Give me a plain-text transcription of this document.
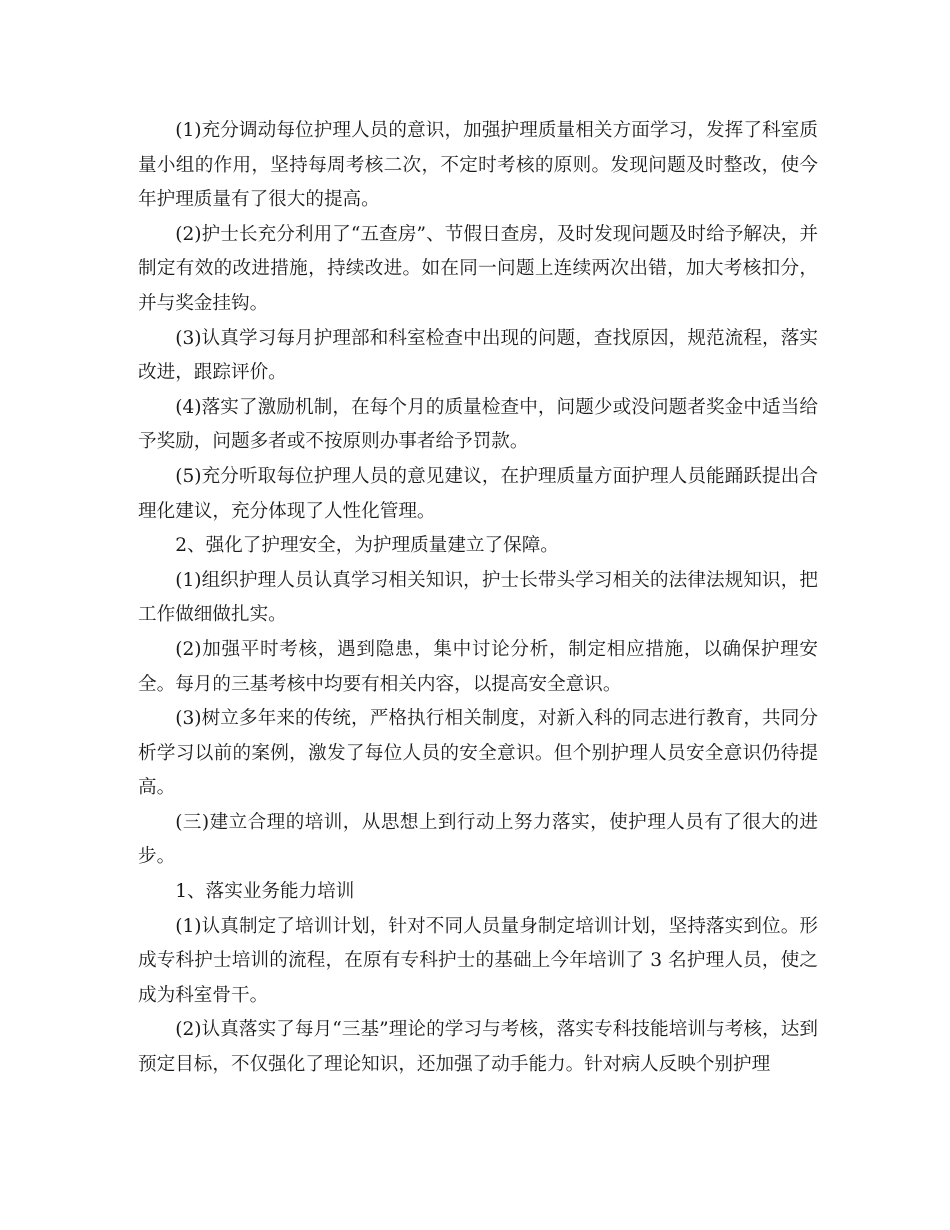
(1)充分调动每位护理人员的意识，加强护理质量相关方面学习，发挥了科室质量小组的作用，坚持每周考核二次，不定时考核的原则。发现问题及时整改，使今年护理质量有了很大的提高。

(2)护士长充分利用了“五查房”、节假日查房，及时发现问题及时给予解决，并制定有效的改进措施，持续改进。如在同一问题上连续两次出错，加大考核扣分，并与奖金挂钩。

(3)认真学习每月护理部和科室检查中出现的问题，查找原因，规范流程，落实改进，跟踪评价。

(4)落实了激励机制，在每个月的质量检查中，问题少或没问题者奖金中适当给予奖励，问题多者或不按原则办事者给予罚款。

(5)充分听取每位护理人员的意见建议，在护理质量方面护理人员能踊跃提出合理化建议，充分体现了人性化管理。

2、强化了护理安全，为护理质量建立了保障。

(1)组织护理人员认真学习相关知识，护士长带头学习相关的法律法规知识，把工作做细做扎实。

(2)加强平时考核，遇到隐患，集中讨论分析，制定相应措施，以确保护理安全。每月的三基考核中均要有相关内容，以提高安全意识。

(3)树立多年来的传统，严格执行相关制度，对新入科的同志进行教育，共同分析学习以前的案例，激发了每位人员的安全意识。但个别护理人员安全意识仍待提高。

(三)建立合理的培训，从思想上到行动上努力落实，使护理人员有了很大的进步。

1、落实业务能力培训

(1)认真制定了培训计划，针对不同人员量身制定培训计划，坚持落实到位。形成专科护士培训的流程，在原有专科护士的基础上今年培训了 3 名护理人员，使之成为科室骨干。

(2)认真落实了每月“三基”理论的学习与考核，落实专科技能培训与考核，达到预定目标，不仅强化了理论知识，还加强了动手能力。针对病人反映个别护理
